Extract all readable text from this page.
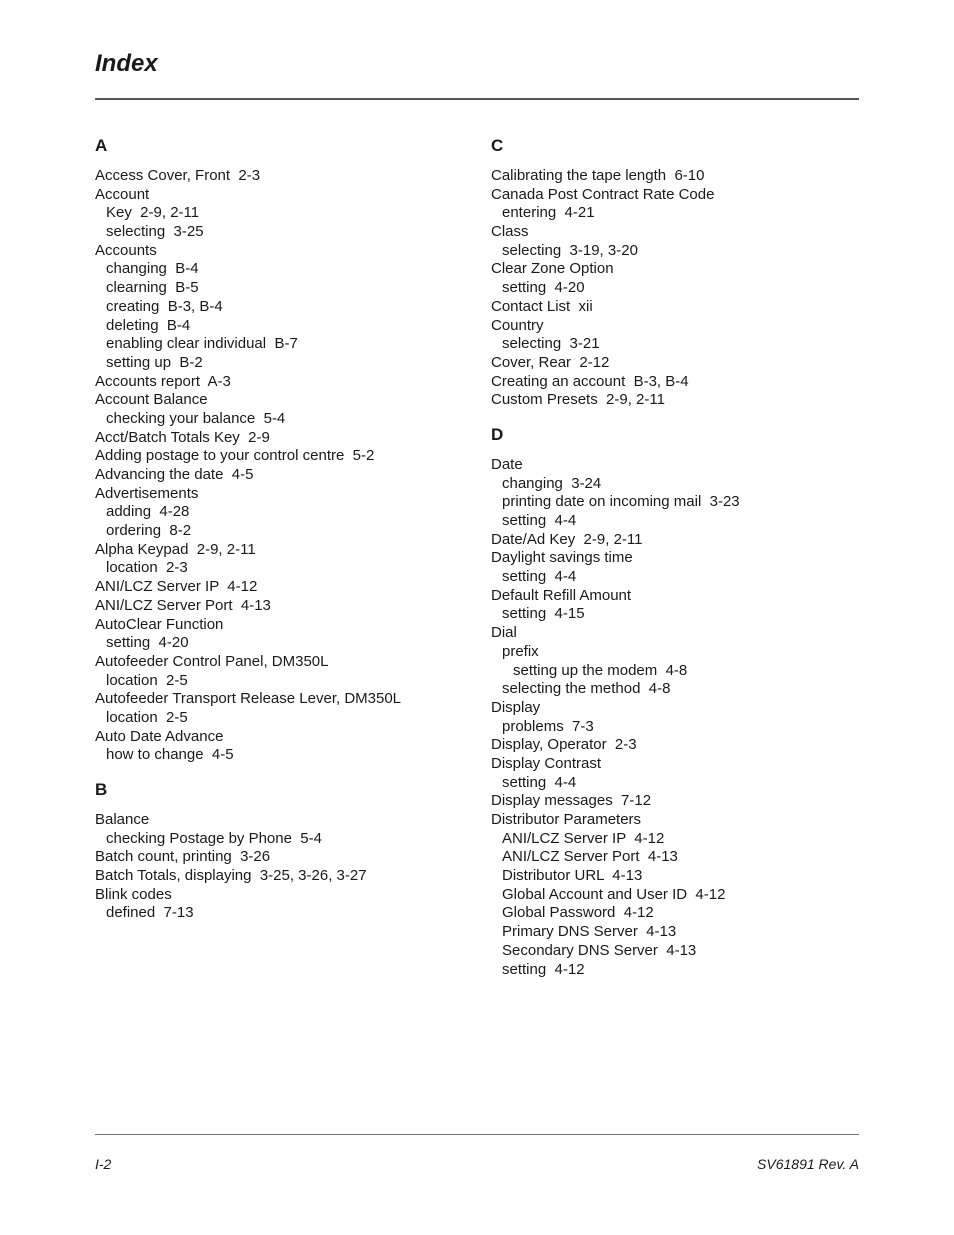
Index
A
Access Cover, Front  2-3
Account
Key  2-9, 2-11
selecting  3-25
Accounts
changing  B-4
clearning  B-5
creating  B-3, B-4
deleting  B-4
enabling clear individual  B-7
setting up  B-2
Accounts report  A-3
Account Balance
checking your balance  5-4
Acct/Batch Totals Key  2-9
Adding postage to your control centre  5-2
Advancing the date  4-5
Advertisements
adding  4-28
ordering  8-2
Alpha Keypad  2-9, 2-11
location  2-3
ANI/LCZ Server IP  4-12
ANI/LCZ Server Port  4-13
AutoClear Function
setting  4-20
Autofeeder Control Panel, DM350L
location  2-5
Autofeeder Transport Release Lever, DM350L
location  2-5
Auto Date Advance
how to change  4-5
B
Balance
checking Postage by Phone  5-4
Batch count, printing  3-26
Batch Totals, displaying  3-25, 3-26, 3-27
Blink codes
defined  7-13
C
Calibrating the tape length  6-10
Canada Post Contract Rate Code
entering  4-21
Class
selecting  3-19, 3-20
Clear Zone Option
setting  4-20
Contact List  xii
Country
selecting  3-21
Cover, Rear  2-12
Creating an account  B-3, B-4
Custom Presets  2-9, 2-11
D
Date
changing  3-24
printing date on incoming mail  3-23
setting  4-4
Date/Ad Key  2-9, 2-11
Daylight savings time
setting  4-4
Default Refill Amount
setting  4-15
Dial
prefix
setting up the modem  4-8
selecting the method  4-8
Display
problems  7-3
Display, Operator  2-3
Display Contrast
setting  4-4
Display messages  7-12
Distributor Parameters
ANI/LCZ Server IP  4-12
ANI/LCZ Server Port  4-13
Distributor URL  4-13
Global Account and User ID  4-12
Global Password  4-12
Primary DNS Server  4-13
Secondary DNS Server  4-13
setting  4-12
I-2	SV61891 Rev. A
